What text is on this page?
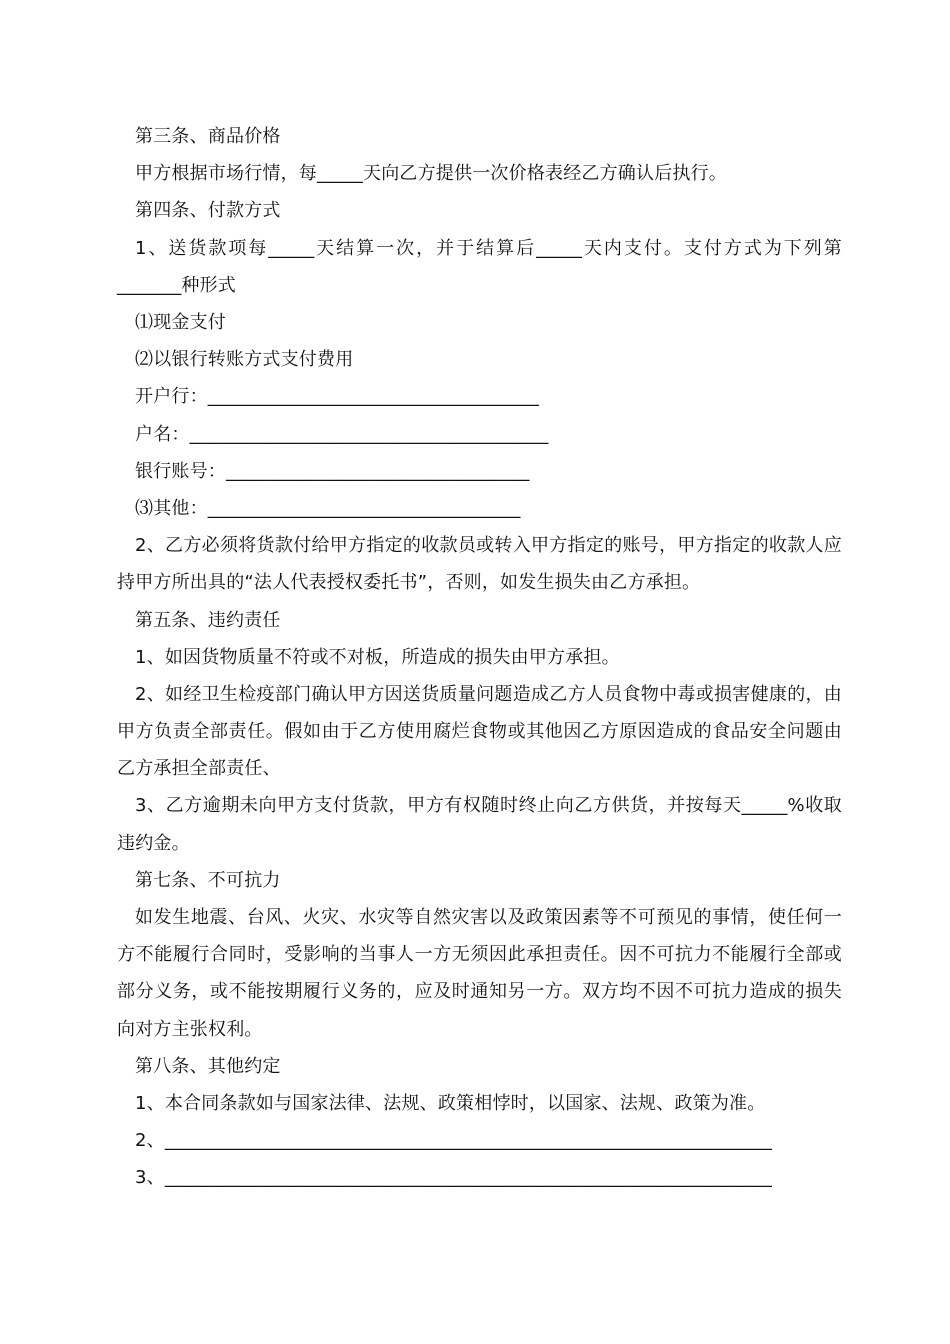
第三条、商品价格
甲方根据市场行情，每_____天向乙方提供一次价格表经乙方确认后执行。
第四条、付款方式
1、送货款项每_____天结算一次，并于结算后_____天内支付。支付方式为下列第_______种形式
⑴现金支付
⑵以银行转账方式支付费用
开户行：____________________________________
户名：_______________________________________
银行账号：_________________________________
⑶其他：__________________________________
2、乙方必须将货款付给甲方指定的收款员或转入甲方指定的账号，甲方指定的收款人应持甲方所出具的“法人代表授权委托书”，否则，如发生损失由乙方承担。
第五条、违约责任
1、如因货物质量不符或不对板，所造成的损失由甲方承担。
2、如经卫生检疫部门确认甲方因送货质量问题造成乙方人员食物中毒或损害健康的，由甲方负责全部责任。假如由于乙方使用腐烂食物或其他因乙方原因造成的食品安全问题由乙方承担全部责任、
3、乙方逾期未向甲方支付货款，甲方有权随时终止向乙方供货，并按每天_____%收取违约金。
第七条、不可抗力
如发生地震、台风、火灾、水灾等自然灾害以及政策因素等不可预见的事情，使任何一方不能履行合同时，受影响的当事人一方无须因此承担责任。因不可抗力不能履行全部或部分义务，或不能按期履行义务的，应及时通知另一方。双方均不因不可抗力造成的损失向对方主张权利。
第八条、其他约定
1、本合同条款如与国家法律、法规、政策相悖时，以国家、法规、政策为准。
2、__________________________________________________________________
3、__________________________________________________________________
